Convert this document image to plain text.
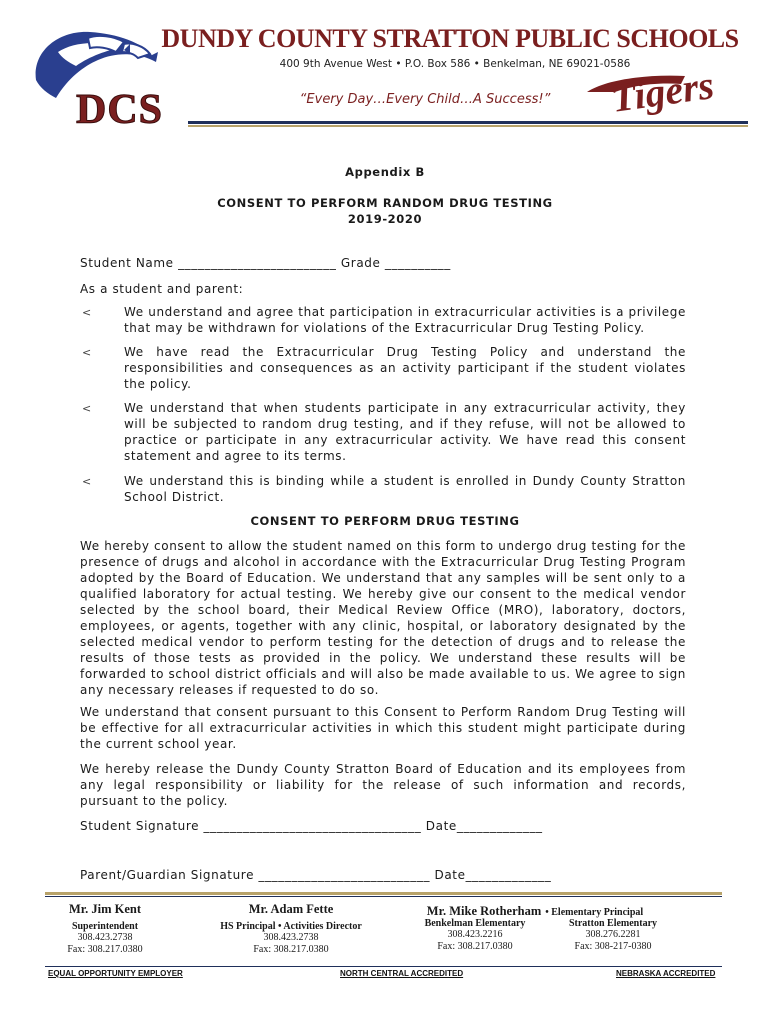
DCS
DUNDY COUNTY STRATTON PUBLIC SCHOOLS
400 9th Avenue West • P.O. Box 586 • Benkelman, NE 69021-0586
“Every Day…Every Child…A Success!”	Tigers
Appendix B
CONSENT TO PERFORM RANDOM DRUG TESTING
2019-2020
Student Name ________________________ Grade __________
As a student and parent:
<	We understand and agree that participation in extracurricular activities is a privilege that may be withdrawn for violations of the Extracurricular Drug Testing Policy.
<	We have read the Extracurricular Drug Testing Policy and understand the responsibilities and consequences as an activity participant if the student violates the policy.
<	We understand that when students participate in any extracurricular activity, they will be subjected to random drug testing, and if they refuse, will not be allowed to practice or participate in any extracurricular activity. We have read this consent statement and agree to its terms.
<	We understand this is binding while a student is enrolled in Dundy County Stratton School District.
CONSENT TO PERFORM DRUG TESTING
We hereby consent to allow the student named on this form to undergo drug testing for the presence of drugs and alcohol in accordance with the Extracurricular Drug Testing Program adopted by the Board of Education. We understand that any samples will be sent only to a qualified laboratory for actual testing. We hereby give our consent to the medical vendor selected by the school board, their Medical Review Office (MRO), laboratory, doctors, employees, or agents, together with any clinic, hospital, or laboratory designated by the selected medical vendor to perform testing for the detection of drugs and to release the results of those tests as provided in the policy. We understand these results will be forwarded to school district officials and will also be made available to us. We agree to sign any necessary releases if requested to do so.
We understand that consent pursuant to this Consent to Perform Random Drug Testing will be effective for all extracurricular activities in which this student might participate during the current school year.
We hereby release the Dundy County Stratton Board of Education and its employees from any legal responsibility or liability for the release of such information and records, pursuant to the policy.
Student Signature _________________________________ Date_____________
Parent/Guardian Signature __________________________ Date_____________
Mr. Jim Kent
Superintendent
308.423.2738
Fax: 308.217.0380
Mr. Adam Fette
HS Principal • Activities Director
308.423.2738
Fax: 308.217.0380
Mr. Mike Rotherham • Elementary Principal
Benkelman Elementary
308.423.2216
Fax: 308.217.0380
Stratton Elementary
308.276.2281
Fax: 308-217-0380
EQUAL OPPORTUNITY EMPLOYER	NORTH CENTRAL ACCREDITED	NEBRASKA ACCREDITED
